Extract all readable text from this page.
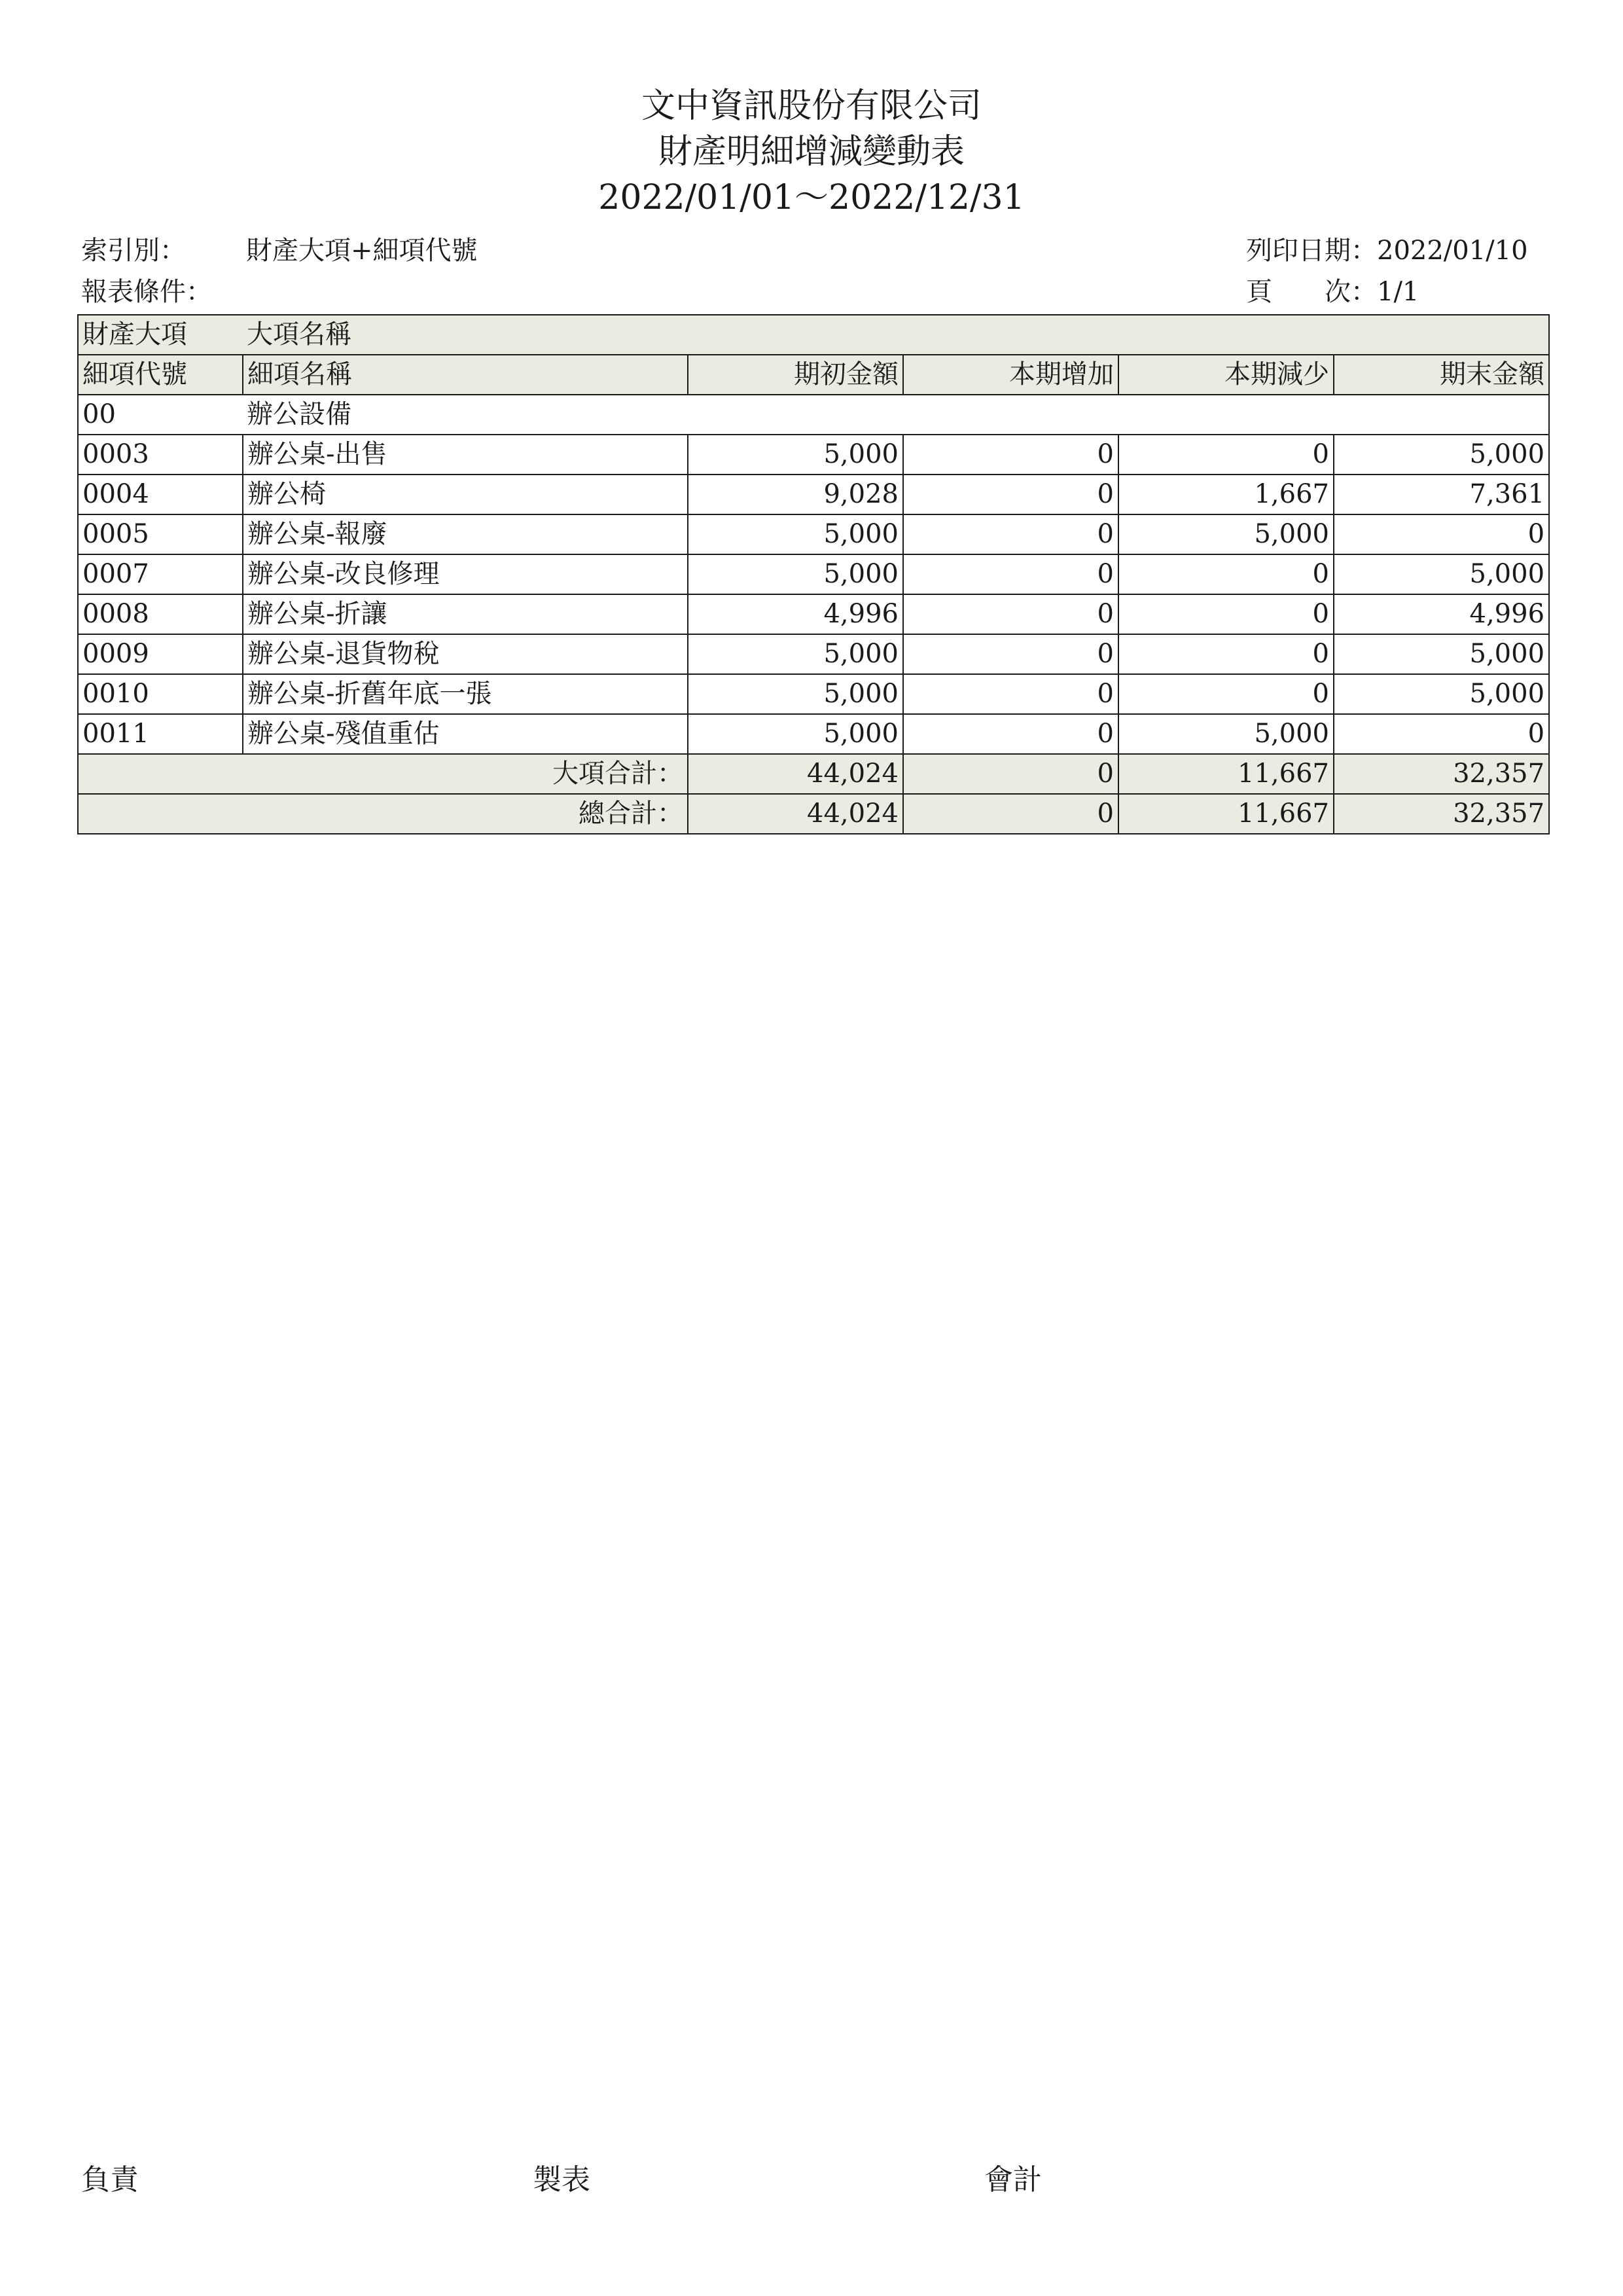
文中資訊股份有限公司
財產明細增減變動表
2022/01/01～2022/12/31
索引別： 財產大項+細項代號
報表條件：
列印日期：2022/01/10
頁　　次：1/1
財產大項	大項名稱				
細項代號	細項名稱	期初金額	本期增加	本期減少	期末金額
00	辦公設備				
0003	辦公桌-出售	5,000	0	0	5,000
0004	辦公椅	9,028	0	1,667	7,361
0005	辦公桌-報廢	5,000	0	5,000	0
0007	辦公桌-改良修理	5,000	0	0	5,000
0008	辦公桌-折讓	4,996	0	0	4,996
0009	辦公桌-退貨物稅	5,000	0	0	5,000
0010	辦公桌-折舊年底一張	5,000	0	0	5,000
0011	辦公桌-殘值重估	5,000	0	5,000	0
大項合計：		44,024	0	11,667	32,357
總合計：		44,024	0	11,667	32,357
負責	製表	會計
